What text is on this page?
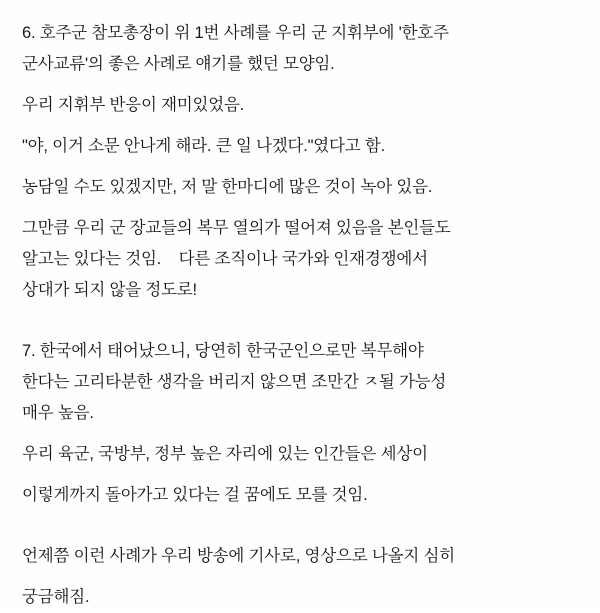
6. 호주군 참모총장이 위 1번 사례를 우리 군 지휘부에 '한호주
군사교류'의 좋은 사례로 얘기를 했던 모양임.
우리 지휘부 반응이 재미있었음.
"야, 이거 소문 안나게 해라. 큰 일 나겠다."였다고 함.
농담일 수도 있겠지만, 저 말 한마디에 많은 것이 녹아 있음.
그만큼 우리 군 장교들의 복무 열의가 떨어져 있음을 본인들도
알고는 있다는 것임.    다른 조직이나 국가와 인재경쟁에서
상대가 되지 않을 정도로!
7. 한국에서 태어났으니, 당연히 한국군인으로만 복무해야
한다는 고리타분한 생각을 버리지 않으면 조만간 ㅈ될 가능성
매우 높음.
우리 육군, 국방부, 정부 높은 자리에 있는 인간들은 세상이
이렇게까지 돌아가고 있다는 걸 꿈에도 모를 것임.
언제쯤 이런 사례가 우리 방송에 기사로, 영상으로 나올지 심히
궁금해짐.
